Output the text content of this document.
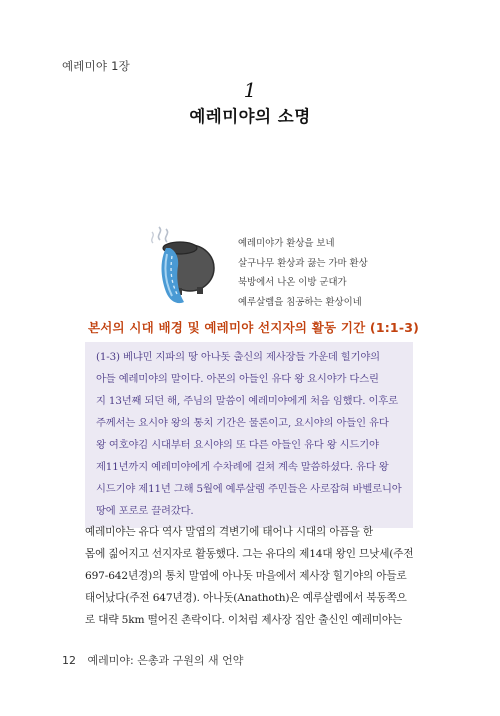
예레미야 1장
1
예레미야의 소명
예레미야가 환상을 보네
살구나무 환상과 끓는 가마 환상
북방에서 나온 이방 군대가
예루살렘을 침공하는 환상이네
본서의 시대 배경 및 예레미야 선지자의 활동 기간 (1:1-3)
(1-3) 베냐민 지파의 땅 아나돗 출신의 제사장들 가운데 힐기야의
아들 예레미야의 말이다. 아몬의 아들인 유다 왕 요시야가 다스린
지 13년째 되던 해, 주님의 말씀이 예레미야에게 처음 임했다. 이후로
주께서는 요시야 왕의 통치 기간은 물론이고, 요시야의 아들인 유다
왕 여호야김 시대부터 요시야의 또 다른 아들인 유다 왕 시드기야
제11년까지 예레미야에게 수차례에 걸쳐 계속 말씀하셨다. 유다 왕
시드기야 제11년 그해 5월에 예루살렘 주민들은 사로잡혀 바벨로니아
땅에 포로로 끌려갔다.
예레미야는 유다 역사 말엽의 격변기에 태어나 시대의 아픔을 한
몸에 짊어지고 선지자로 활동했다. 그는 유다의 제14대 왕인 므낫세(주전
697-642년경)의 통치 말엽에 아나돗 마을에서 제사장 힐기야의 아들로
태어났다(주전 647년경). 아나돗(Anathoth)은 예루살렘에서 북동쪽으
로 대략 5km 떨어진 촌락이다. 이처럼 제사장 집안 출신인 예레미야는
12 예레미야: 은총과 구원의 새 언약
